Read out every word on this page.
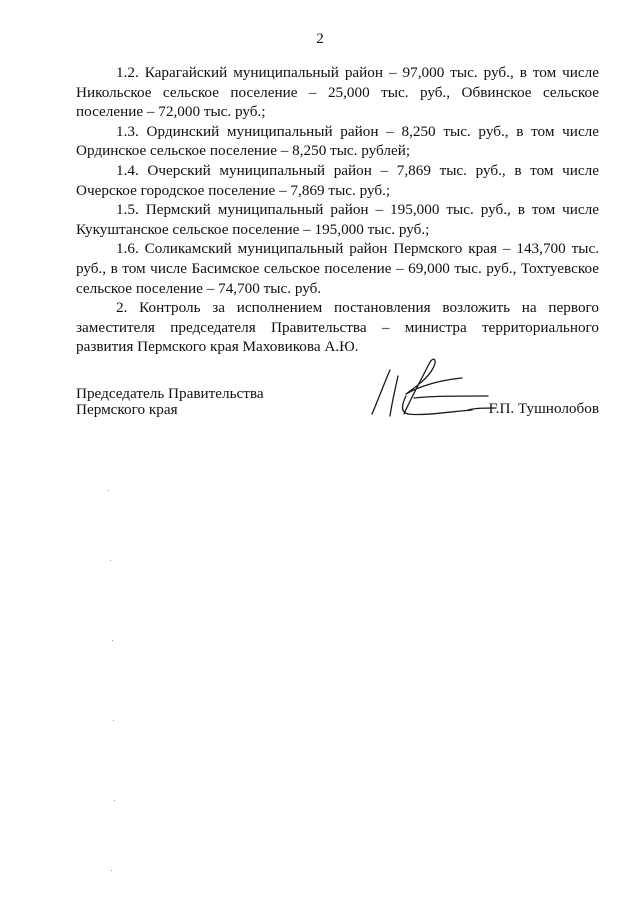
2

1.2. Карагайский муниципальный район – 97,000 тыс. руб., в том числе Никольское сельское поселение – 25,000 тыс. руб., Обвинское сельское поселение – 72,000 тыс. руб.;

1.3. Ординский муниципальный район – 8,250 тыс. руб., в том числе Ординское сельское поселение – 8,250 тыс. рублей;

1.4. Очерский муниципальный район – 7,869 тыс. руб., в том числе Очерское городское поселение – 7,869 тыс. руб.;

1.5. Пермский муниципальный район – 195,000 тыс. руб., в том числе Кукуштанское сельское поселение – 195,000 тыс. руб.;

1.6. Соликамский муниципальный район Пермского края – 143,700 тыс. руб., в том числе Басимское сельское поселение – 69,000 тыс. руб., Тохтуевское сельское поселение – 74,700 тыс. руб.

2. Контроль за исполнением постановления возложить на первого заместителя председателя Правительства – министра территориального развития Пермского края Маховикова А.Ю.

Председатель Правительства
Пермского края	Г.П. Тушнолобов
